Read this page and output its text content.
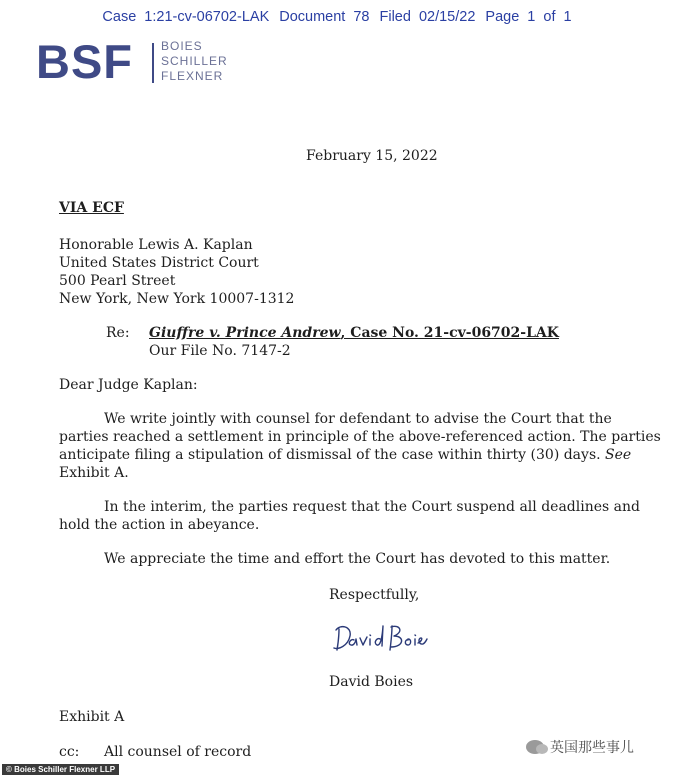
Case 1:21-cv-06702-LAK Document 78 Filed 02/15/22 Page 1 of 1
BSF BOIES
SCHILLER
FLEXNER
February 15, 2022
VIA ECF
Honorable Lewis A. Kaplan
United States District Court
500 Pearl Street
New York, New York 10007-1312
Re: Giuffre v. Prince Andrew, Case No. 21-cv-06702-LAK
Our File No. 7147-2
Dear Judge Kaplan:
We write jointly with counsel for defendant to advise the Court that the
parties reached a settlement in principle of the above-referenced action. The parties
anticipate filing a stipulation of dismissal of the case within thirty (30) days. See
Exhibit A.
In the interim, the parties request that the Court suspend all deadlines and
hold the action in abeyance.
We appreciate the time and effort the Court has devoted to this matter.
Respectfully,
David Boies
Exhibit A
cc: All counsel of record
© Boies Schiller Flexner LLP
英国那些事儿
